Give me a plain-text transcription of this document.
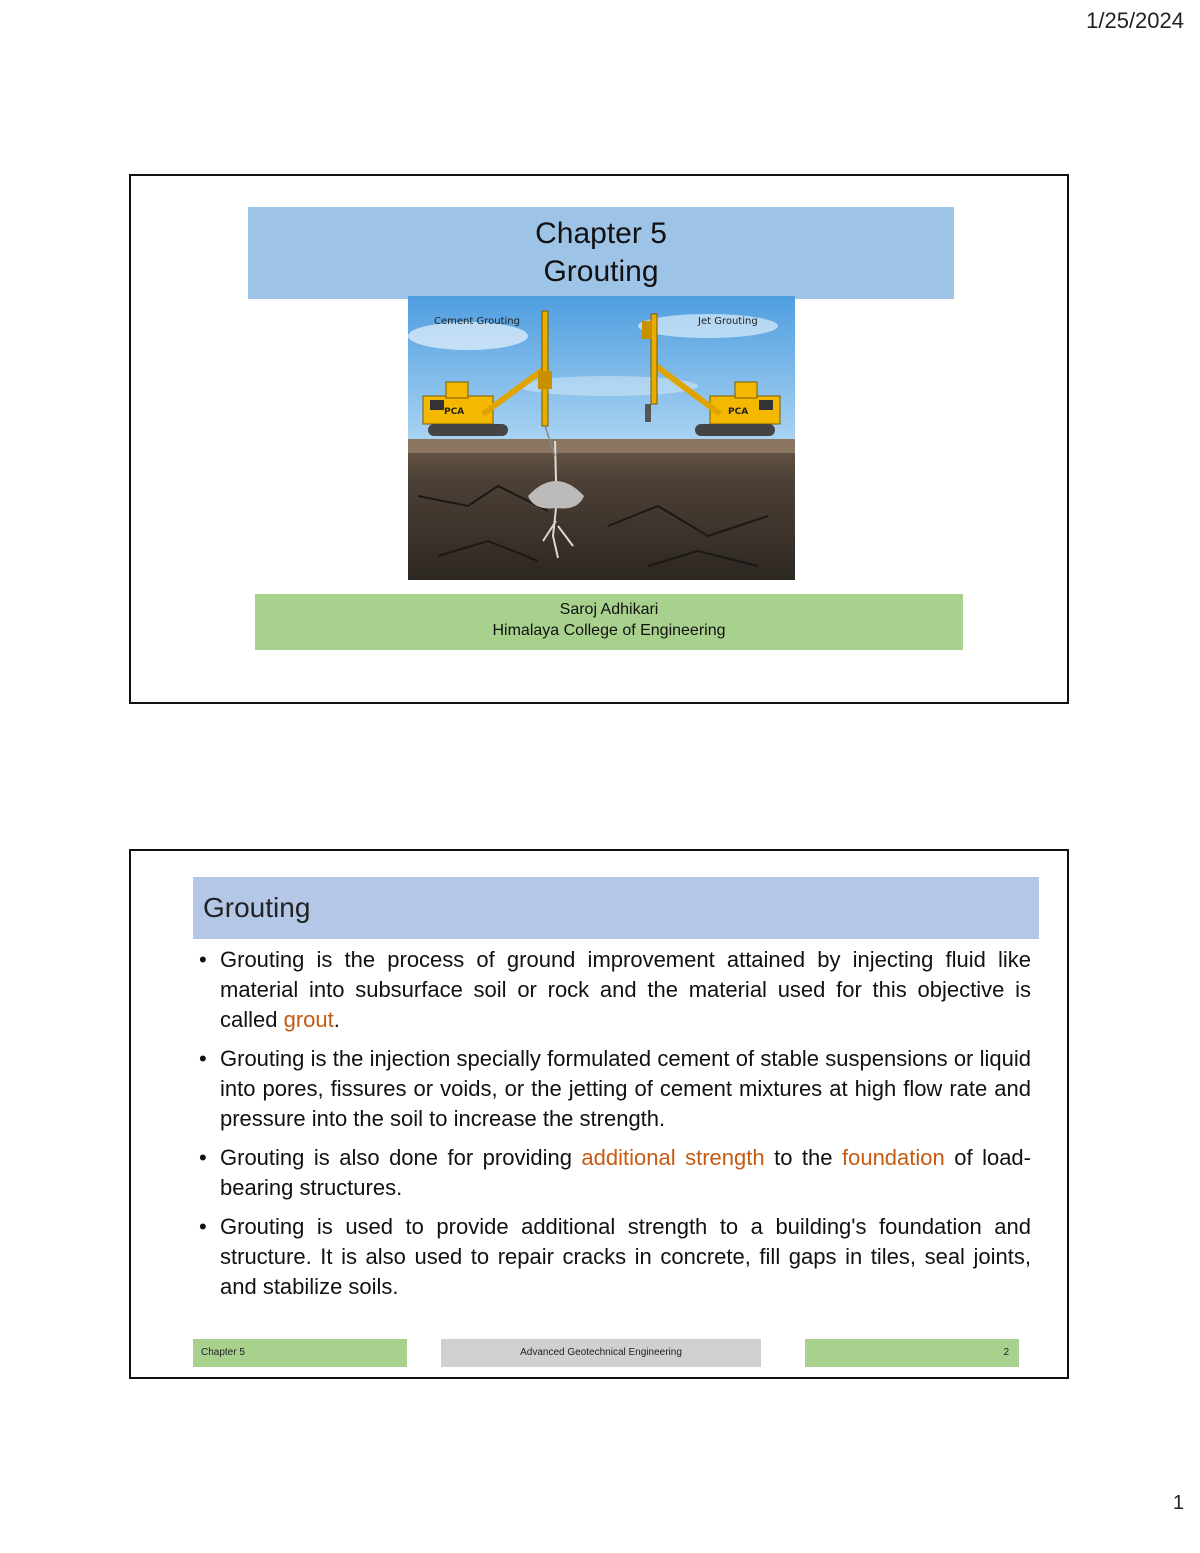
1/25/2024
Chapter 5
Grouting
PCA	PCA
Cement Grouting	Jet Grouting
Saroj Adhikari
Himalaya College of Engineering
Grouting
• Grouting is the process of ground improvement attained by injecting fluid like material into subsurface soil or rock and the material used for this objective is called grout.
• Grouting is the injection specially formulated cement of stable suspensions or liquid into pores, fissures or voids, or the jetting of cement mixtures at high flow rate and pressure into the soil to increase the strength.
• Grouting is also done for providing additional strength to the foundation of load-bearing structures.
• Grouting is used to provide additional strength to a building's foundation and structure. It is also used to repair cracks in concrete, fill gaps in tiles, seal joints, and stabilize soils.
Chapter 5	Advanced Geotechnical Engineering	2
1
